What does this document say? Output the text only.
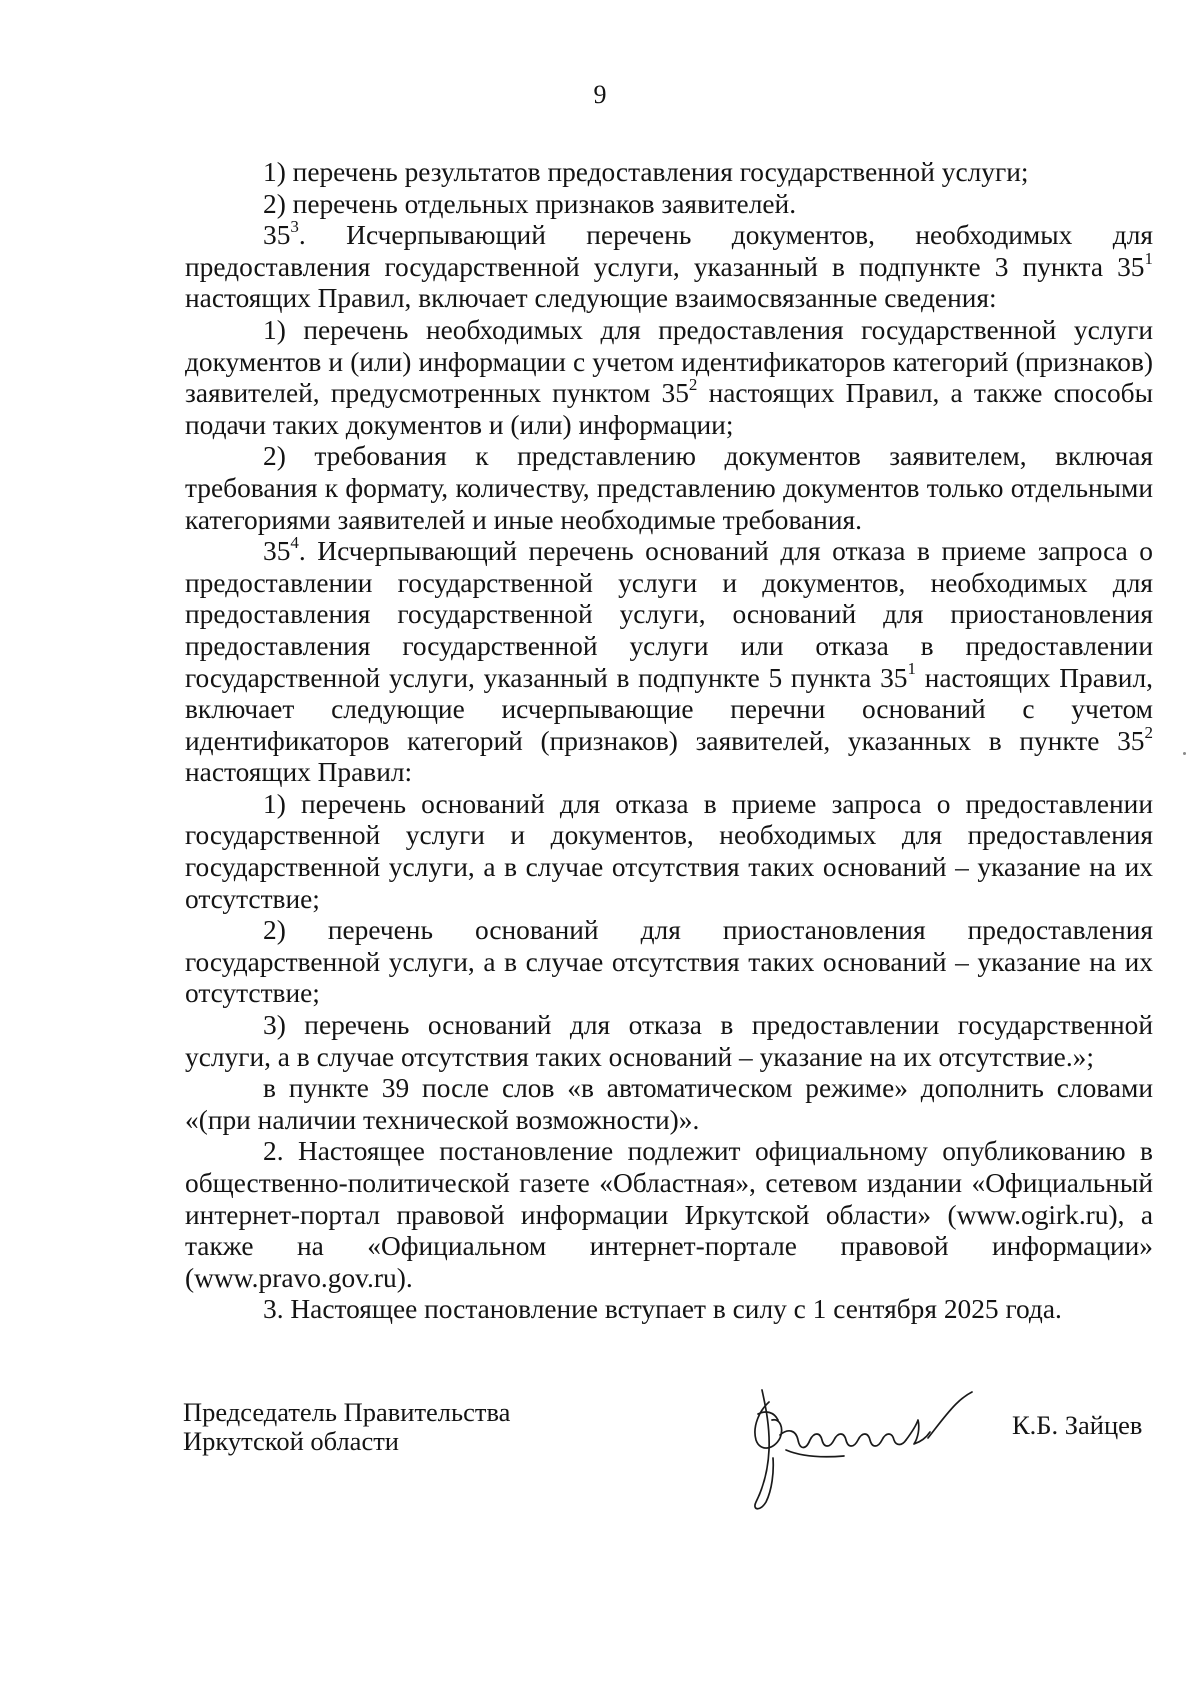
9

1) перечень результатов предоставления государственной услуги;

2) перечень отдельных признаков заявителей.

$35^3$. Исчерпывающий перечень документов, необходимых для предоставления государственной услуги, указанный в подпункте 3 пункта $35^1$ настоящих Правил, включает следующие взаимосвязанные сведения:

1) перечень необходимых для предоставления государственной услуги документов и (или) информации с учетом идентификаторов категорий (признаков) заявителей, предусмотренных пунктом $35^2$ настоящих Правил, а также способы подачи таких документов и (или) информации;

2) требования к представлению документов заявителем, включая требования к формату, количеству, представлению документов только отдельными категориями заявителей и иные необходимые требования.

$35^4$. Исчерпывающий перечень оснований для отказа в приеме запроса о предоставлении государственной услуги и документов, необходимых для предоставления государственной услуги, оснований для приостановления предоставления государственной услуги или отказа в предоставлении государственной услуги, указанный в подпункте 5 пункта $35^1$ настоящих Правил, включает следующие исчерпывающие перечни оснований с учетом идентификаторов категорий (признаков) заявителей, указанных в пункте $35^2$ настоящих Правил:

1) перечень оснований для отказа в приеме запроса о предоставлении государственной услуги и документов, необходимых для предоставления государственной услуги, а в случае отсутствия таких оснований – указание на их отсутствие;

2) перечень оснований для приостановления предоставления государственной услуги, а в случае отсутствия таких оснований – указание на их отсутствие;

3) перечень оснований для отказа в предоставлении государственной услуги, а в случае отсутствия таких оснований – указание на их отсутствие.»;

в пункте 39 после слов «в автоматическом режиме» дополнить словами «(при наличии технической возможности)».

2. Настоящее постановление подлежит официальному опубликованию в общественно-политической газете «Областная», сетевом издании «Официальный интернет-портал правовой информации Иркутской области» (www.ogirk.ru), а также на «Официальном интернет-портале правовой информации» (www.pravo.gov.ru).

3. Настоящее постановление вступает в силу с 1 сентября 2025 года.

Председатель Правительства
Иркутской области
К.Б. Зайцев
